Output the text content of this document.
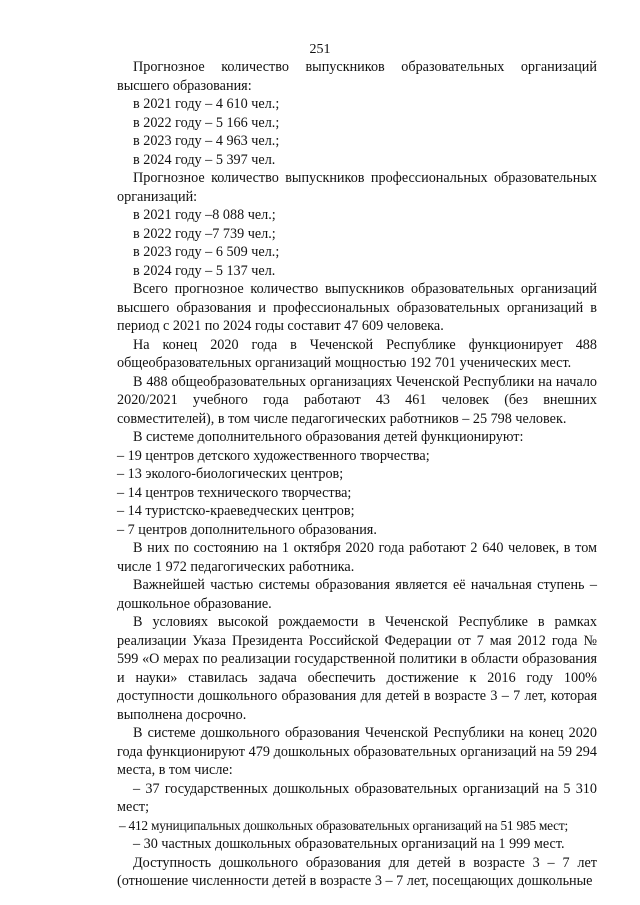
251

Прогнозное количество выпускников образовательных организаций высшего образования:

в 2021 году – 4 610 чел.;

в 2022 году – 5 166 чел.;

в 2023 году – 4 963 чел.;

в 2024 году – 5 397 чел.

Прогнозное количество выпускников профессиональных образовательных организаций:

в 2021 году –8 088 чел.;

в 2022 году –7 739 чел.;

в 2023 году – 6 509 чел.;

в 2024 году – 5 137 чел.

Всего прогнозное количество выпускников образовательных организаций высшего образования и профессиональных образовательных организаций в период с 2021 по 2024 годы составит 47 609 человека.

На конец 2020 года в Чеченской Республике функционирует 488 общеобразовательных организаций мощностью 192 701 ученических мест.

В 488 общеобразовательных организациях Чеченской Республики на начало 2020/2021 учебного года работают 43 461 человек (без внешних совместителей), в том числе педагогических работников – 25 798 человек.

В системе дополнительного образования детей функционируют:

– 19 центров детского художественного творчества;

– 13 эколого-биологических центров;

– 14 центров технического творчества;

– 14 туристско-краеведческих центров;

– 7 центров дополнительного образования.

В них по состоянию на 1 октября 2020 года работают 2 640 человек, в том числе 1 972 педагогических работника.

Важнейшей частью системы образования является её начальная ступень – дошкольное образование.

В условиях высокой рождаемости в Чеченской Республике в рамках реализации Указа Президента Российской Федерации от 7 мая 2012 года № 599 «О мерах по реализации государственной политики в области образования и науки» ставилась задача обеспечить достижение к 2016 году 100% доступности дошкольного образования для детей в возрасте 3 – 7 лет, которая выполнена досрочно.

В системе дошкольного образования Чеченской Республики на конец 2020 года функционируют 479 дошкольных образовательных организаций на 59 294 места, в том числе:

– 37 государственных дошкольных образовательных организаций на 5 310 мест;

– 412 муниципальных дошкольных образовательных организаций на 51 985 мест;

– 30 частных дошкольных образовательных организаций на 1 999 мест.

Доступность дошкольного образования для детей в возрасте 3 – 7 лет (отношение численности детей в возрасте 3 – 7 лет, посещающих дошкольные
